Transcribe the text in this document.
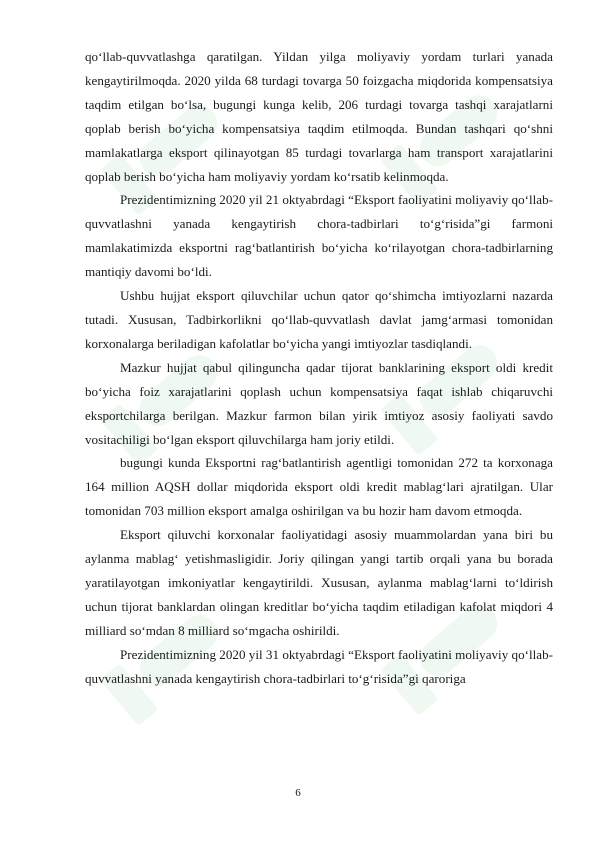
qo‘llab-quvvatlashga qaratilgan. Yildan yilga moliyaviy yordam turlari yanada kengaytirilmoqda. 2020 yilda 68 turdagi tovarga 50 foizgacha miqdorida kompensatsiya taqdim etilgan bo‘lsa, bugungi kunga kelib, 206 turdagi tovarga tashqi xarajatlarni qoplab berish bo‘yicha kompensatsiya taqdim etilmoqda. Bundan tashqari qo‘shni mamlakatlarga eksport qilinayotgan 85 turdagi tovarlarga ham transport xarajatlarini qoplab berish bo‘yicha ham moliyaviy yordam ko‘rsatib kelinmoqda.

Prezidentimizning 2020 yil 21 oktyabrdagi “Eksport faoliyatini moliyaviy qo‘llab-quvvatlashni yanada kengaytirish chora-tadbirlari to‘g‘risida”gi farmoni mamlakatimizda eksportni rag‘batlantirish bo‘yicha ko‘rilayotgan chora-tadbirlarning mantiqiy davomi bo‘ldi.

Ushbu hujjat eksport qiluvchilar uchun qator qo‘shimcha imtiyozlarni nazarda tutadi. Xususan, Tadbirkorlikni qo‘llab-quvvatlash davlat jamg‘armasi tomonidan korxonalarga beriladigan kafolatlar bo‘yicha yangi imtiyozlar tasdiqlandi.

Mazkur hujjat qabul qilinguncha qadar tijorat banklarining eksport oldi kredit bo‘yicha foiz xarajatlarini qoplash uchun kompensatsiya faqat ishlab chiqaruvchi eksportchilarga berilgan. Mazkur farmon bilan yirik imtiyoz asosiy faoliyati savdo vositachiligi bo‘lgan eksport qiluvchilarga ham joriy etildi.

bugungi kunda Eksportni rag‘batlantirish agentligi tomonidan 272 ta korxonaga 164 million AQSH dollar miqdorida eksport oldi kredit mablag‘lari ajratilgan. Ular tomonidan 703 million eksport amalga oshirilgan va bu hozir ham davom etmoqda.

Eksport qiluvchi korxonalar faoliyatidagi asosiy muammolardan yana biri bu aylanma mablag‘ yetishmasligidir. Joriy qilingan yangi tartib orqali yana bu borada yaratilayotgan imkoniyatlar kengaytirildi. Xususan, aylanma mablag‘larni to‘ldirish uchun tijorat banklardan olingan kreditlar bo‘yicha taqdim etiladigan kafolat miqdori 4 milliard so‘mdan 8 milliard so‘mgacha oshirildi.

Prezidentimizning 2020 yil 31 oktyabrdagi “Eksport faoliyatini moliyaviy qo‘llab-quvvatlashni yanada kengaytirish chora-tadbirlari to‘g‘risida”gi qaroriga

6
